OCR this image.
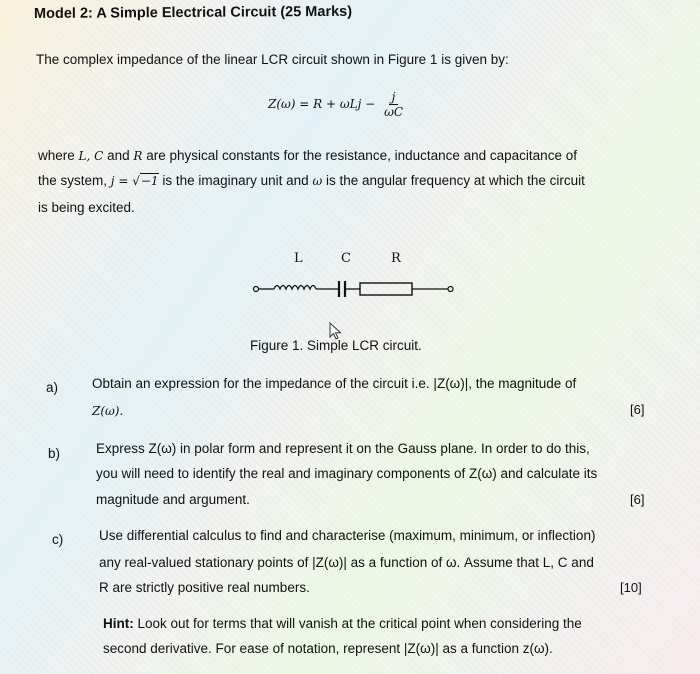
Model 2: A Simple Electrical Circuit (25 Marks)
The complex impedance of the linear LCR circuit shown in Figure 1 is given by:
$Z(\omega) = R + \omega Lj - \frac{j}{\omega C}$
where L, C and R are physical constants for the resistance, inductance and capacitance of
the system, j = √−1 is the imaginary unit and ω is the angular frequency at which the circuit
is being excited.
L	C	R
Figure 1. Simple LCR circuit.
a)	Obtain an expression for the impedance of the circuit i.e. |Z(ω)|, the magnitude of
Z(ω).	[6]
b)	Express Z(ω) in polar form and represent it on the Gauss plane. In order to do this,
you will need to identify the real and imaginary components of Z(ω) and calculate its
magnitude and argument.	[6]
c)	Use differential calculus to find and characterise (maximum, minimum, or inflection)
any real-valued stationary points of |Z(ω)| as a function of ω. Assume that L, C and
R are strictly positive real numbers.	[10]
Hint: Look out for terms that will vanish at the critical point when considering the
second derivative. For ease of notation, represent |Z(ω)| as a function z(ω).
